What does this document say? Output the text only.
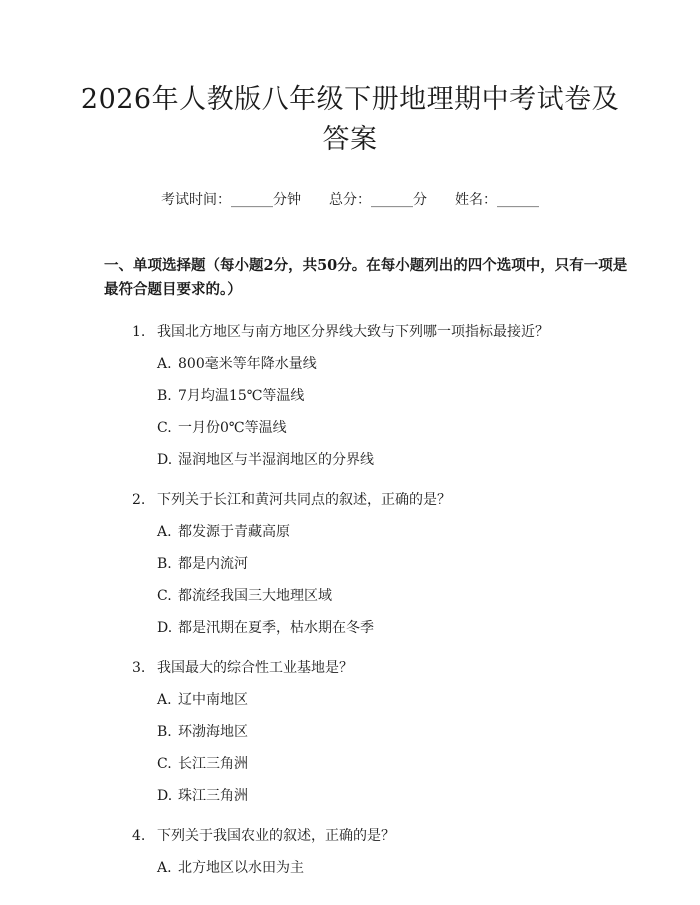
2026年人教版八年级下册地理期中考试卷及答案
考试时间：______分钟 总分：______分 姓名：______
一、单项选择题（每小题2分，共50分。在每小题列出的四个选项中，只有一项是最符合题目要求的。）
1. 我国北方地区与南方地区分界线大致与下列哪一项指标最接近？
A. 800毫米等年降水量线
B. 7月均温15℃等温线
C. 一月份0℃等温线
D. 湿润地区与半湿润地区的分界线
2. 下列关于长江和黄河共同点的叙述，正确的是？
A. 都发源于青藏高原
B. 都是内流河
C. 都流经我国三大地理区域
D. 都是汛期在夏季，枯水期在冬季
3. 我国最大的综合性工业基地是？
A. 辽中南地区
B. 环渤海地区
C. 长江三角洲
D. 珠江三角洲
4. 下列关于我国农业的叙述，正确的是？
A. 北方地区以水田为主
